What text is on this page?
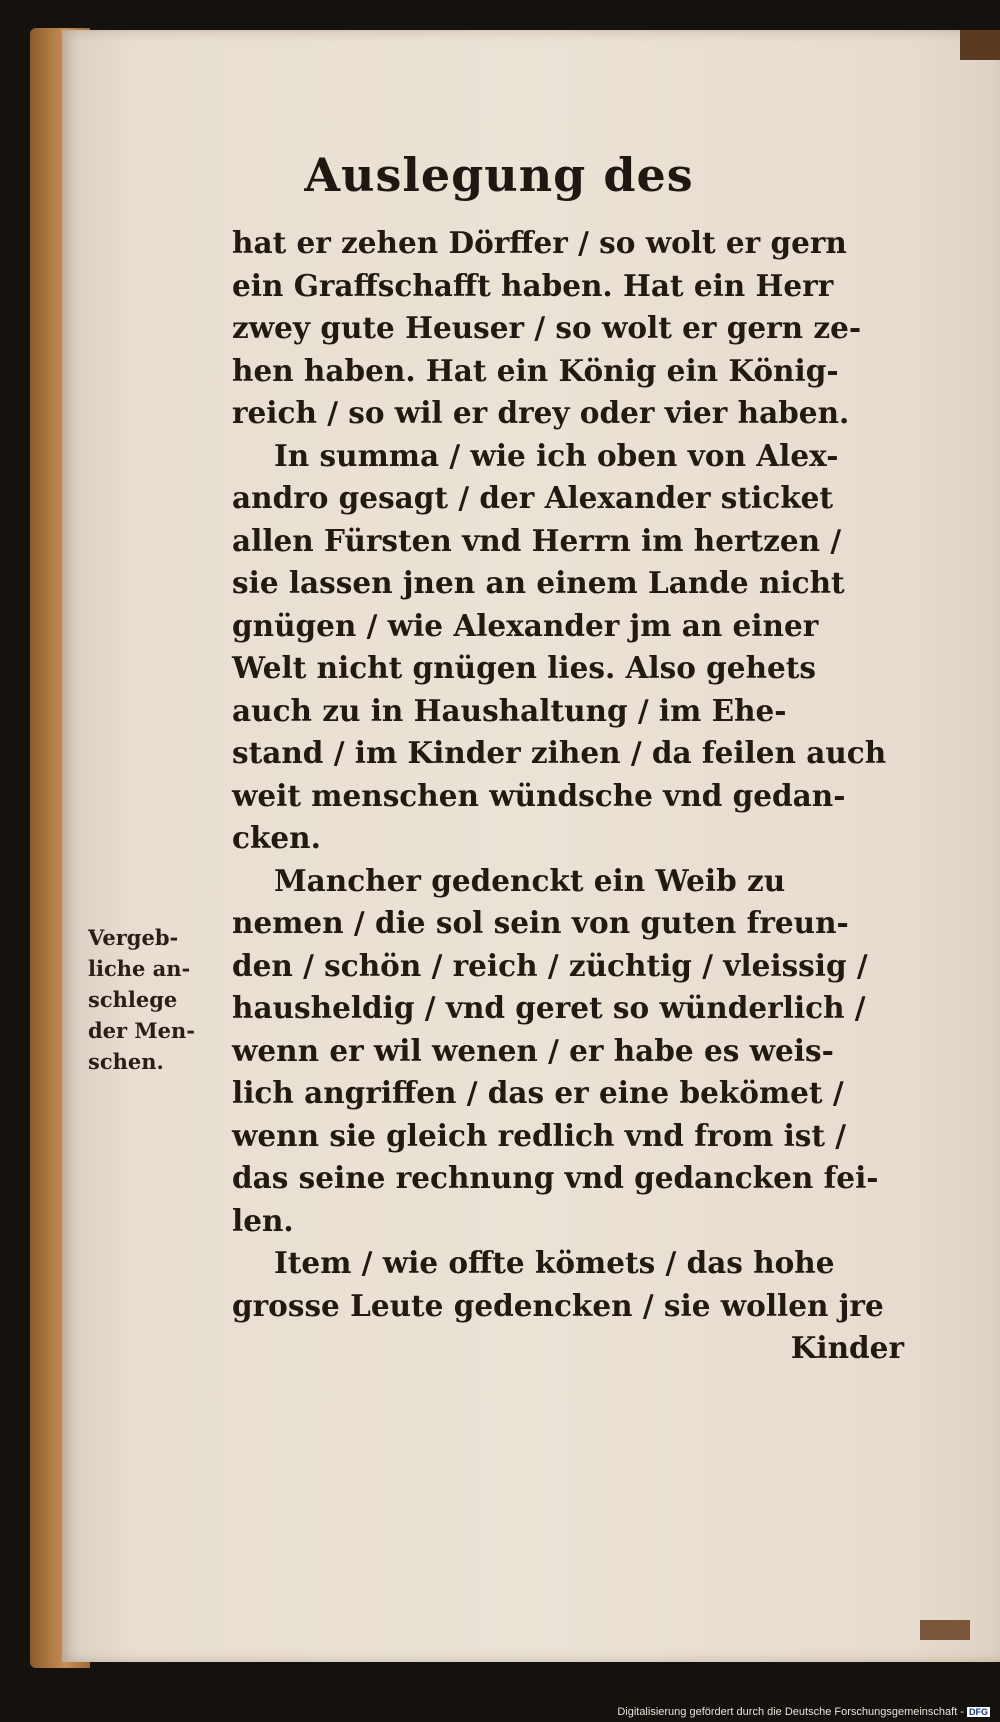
Auslegung des
hat er zehen Dörffer / so wolt er gern
ein Graffschafft haben. Hat ein Herr
zwey gute Heuser / so wolt er gern ze-
hen haben. Hat ein König ein König-
reich / so wil er drey oder vier haben.
In summa / wie ich oben von Alex-
andro gesagt / der Alexander sticket
allen Fürsten vnd Herrn im hertzen /
sie lassen jnen an einem Lande nicht
gnügen / wie Alexander jm an einer
Welt nicht gnügen lies. Also gehets
auch zu in Haushaltung / im Ehe-
stand / im Kinder zihen / da feilen auch
weit menschen wündsche vnd gedan-
cken.
Mancher gedenckt ein Weib zu
nemen / die sol sein von guten freun-
den / schön / reich / züchtig / vleissig /
hausheldig / vnd geret so wünderlich /
wenn er wil wenen / er habe es weis-
lich angriffen / das er eine bekömet /
wenn sie gleich redlich vnd from ist /
das seine rechnung vnd gedancken fei-
len.
Item / wie offte kömets / das hohe
grosse Leute gedencken / sie wollen jre
Kinder
Vergeb-
liche an-
schlege
der Men-
schen.
Digitalisierung gefördert durch die Deutsche Forschungsgemeinschaft - DFG
